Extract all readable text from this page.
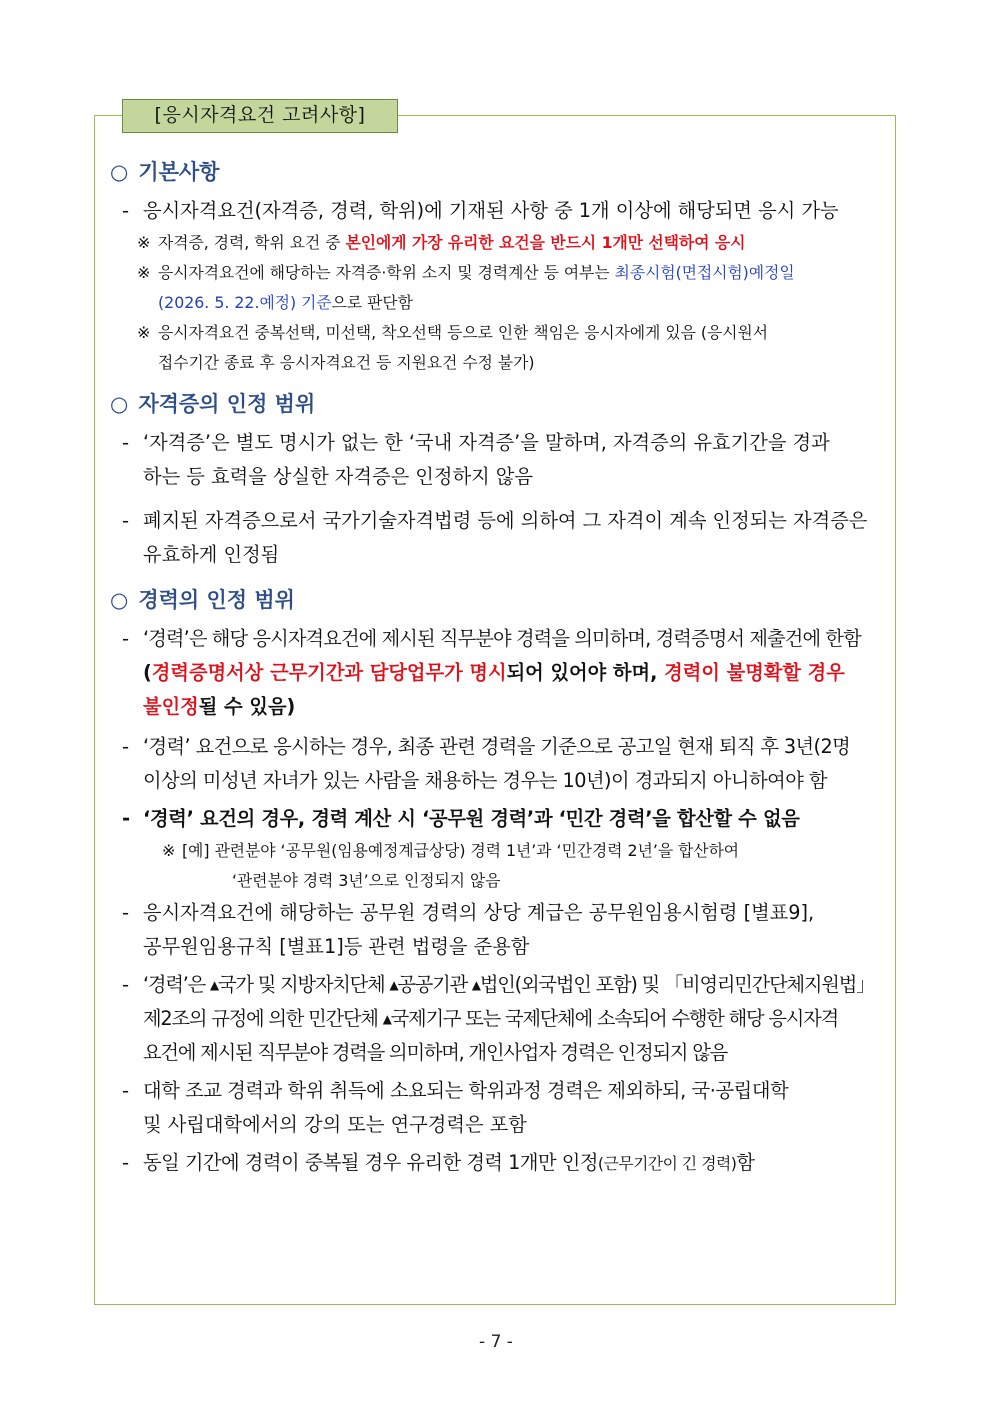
[응시자격요건 고려사항]
○ 기본사항
- 응시자격요건(자격증, 경력, 학위)에 기재된 사항 중 1개 이상에 해당되면 응시 가능
※ 자격증, 경력, 학위 요건 중 본인에게 가장 유리한 요건을 반드시 1개만 선택하여 응시
※ 응시자격요건에 해당하는 자격증·학위 소지 및 경력계산 등 여부는 최종시험(면접시험)예정일
(2026. 5. 22.예정) 기준으로 판단함
※ 응시자격요건 중복선택, 미선택, 착오선택 등으로 인한 책임은 응시자에게 있음 (응시원서
접수기간 종료 후 응시자격요건 등 지원요건 수정 불가)
○ 자격증의 인정 범위
- ‘자격증’은 별도 명시가 없는 한 ‘국내 자격증’을 말하며, 자격증의 유효기간을 경과
하는 등 효력을 상실한 자격증은 인정하지 않음
- 폐지된 자격증으로서 국가기술자격법령 등에 의하여 그 자격이 계속 인정되는 자격증은
유효하게 인정됨
○ 경력의 인정 범위
- ‘경력’은 해당 응시자격요건에 제시된 직무분야 경력을 의미하며, 경력증명서 제출건에 한함
(경력증명서상 근무기간과 담당업무가 명시되어 있어야 하며, 경력이 불명확할 경우
불인정될 수 있음)
- ‘경력’ 요건으로 응시하는 경우, 최종 관련 경력을 기준으로 공고일 현재 퇴직 후 3년(2명
이상의 미성년 자녀가 있는 사람을 채용하는 경우는 10년)이 경과되지 아니하여야 함
- ‘경력’ 요건의 경우, 경력 계산 시 ‘공무원 경력’과 ‘민간 경력’을 합산할 수 없음
※ [예] 관련분야 ‘공무원(임용예정계급상당) 경력 1년’과 ‘민간경력 2년’을 합산하여
‘관련분야 경력 3년’으로 인정되지 않음
- 응시자격요건에 해당하는 공무원 경력의 상당 계급은 공무원임용시험령 [별표9],
공무원임용규칙 [별표1]등 관련 법령을 준용함
- ‘경력’은 ▲국가 및 지방자치단체 ▲공공기관 ▲법인(외국법인 포함) 및 「비영리민간단체지원법」
제2조의 규정에 의한 민간단체 ▲국제기구 또는 국제단체에 소속되어 수행한 해당 응시자격
요건에 제시된 직무분야 경력을 의미하며, 개인사업자 경력은 인정되지 않음
- 대학 조교 경력과 학위 취득에 소요되는 학위과정 경력은 제외하되, 국·공립대학
및 사립대학에서의 강의 또는 연구경력은 포함
- 동일 기간에 경력이 중복될 경우 유리한 경력 1개만 인정(근무기간이 긴 경력)함
- 7 -
